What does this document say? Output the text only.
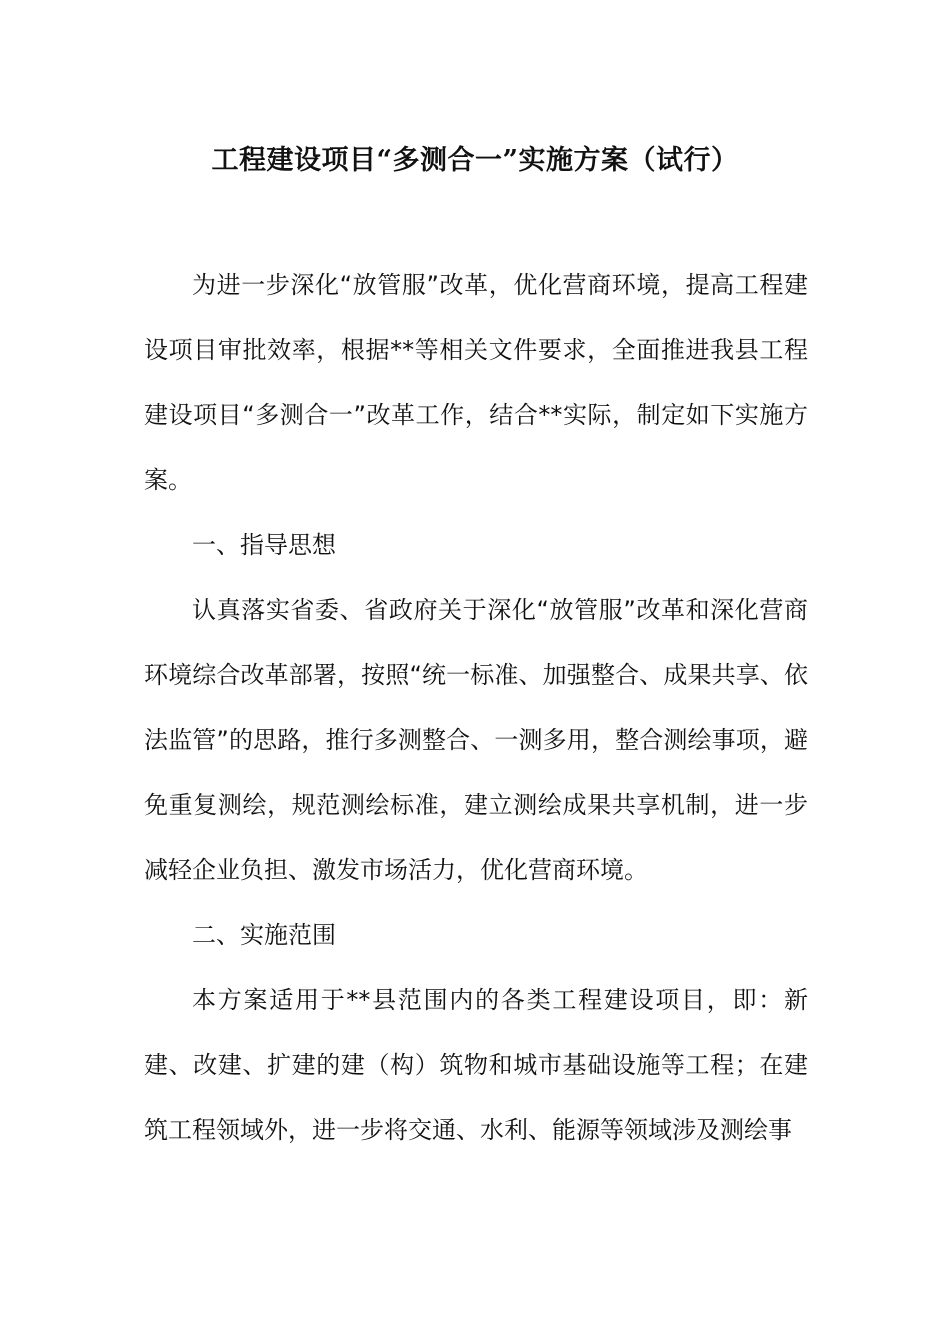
工程建设项目“多测合一”实施方案（试行）

为进一步深化“放管服”改革，优化营商环境，提高工程建设项目审批效率，根据**等相关文件要求，全面推进我县工程建设项目“多测合一”改革工作，结合**实际，制定如下实施方案。

一、指导思想

认真落实省委、省政府关于深化“放管服”改革和深化营商环境综合改革部署，按照“统一标准、加强整合、成果共享、依法监管”的思路，推行多测整合、一测多用，整合测绘事项，避免重复测绘，规范测绘标准，建立测绘成果共享机制，进一步减轻企业负担、激发市场活力，优化营商环境。

二、实施范围

本方案适用于**县范围内的各类工程建设项目，即：新建、改建、扩建的建（构）筑物和城市基础设施等工程；在建筑工程领域外，进一步将交通、水利、能源等领域涉及测绘事
